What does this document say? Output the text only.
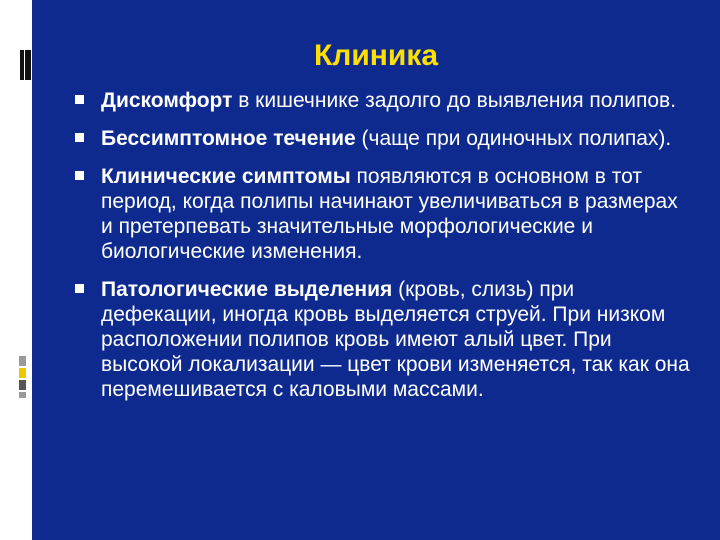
Клиника
Дискомфорт в кишечнике задолго до выявления полипов.
Бессимптомное течение (чаще при одиночных полипах).
Клинические симптомы появляются в основном в тот период, когда полипы начинают увеличиваться в размерах и претерпевать значительные морфологические и биологические изменения.
Патологические выделения (кровь, слизь) при дефекации, иногда кровь выделяется струей. При низком расположении полипов кровь имеют алый цвет. При высокой локализации — цвет крови изменяется, так как она перемешивается с каловыми массами.
